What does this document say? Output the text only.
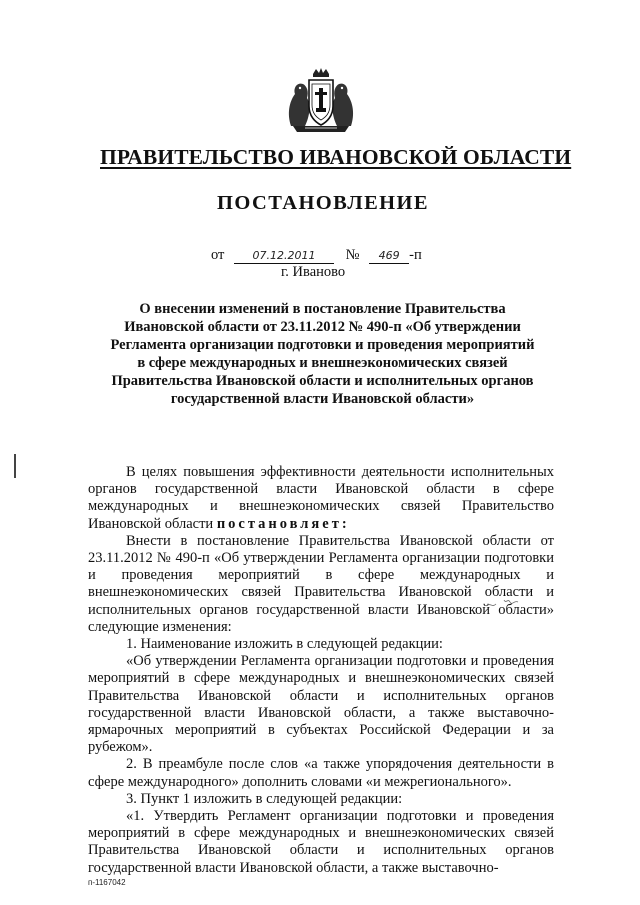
ПРАВИТЕЛЬСТВО ИВАНОВСКОЙ ОБЛАСТИ
ПОСТАНОВЛЕНИЕ
от	07.12.2011 № 469 -п
г. Иваново
О внесении изменений в постановление Правительства
Ивановской области от 23.11.2012 № 490-п «Об утверждении
Регламента организации подготовки и проведения мероприятий
в сфере международных и внешнеэкономических связей
Правительства Ивановской области и исполнительных органов
государственной власти Ивановской области»

В целях повышения эффективности деятельности исполнительных органов государственной власти Ивановской области в сфере международных и внешнеэкономических связей Правительство Ивановской области постановляет:

Внести в постановление Правительства Ивановской области от 23.11.2012 № 490-п «Об утверждении Регламента организации подготовки и проведения мероприятий в сфере международных и внешнеэкономических связей Правительства Ивановской области и исполнительных органов государственной власти Ивановской области» следующие изменения:

1. Наименование изложить в следующей редакции:

«Об утверждении Регламента организации подготовки и проведения мероприятий в сфере международных и внешнеэкономических связей Правительства Ивановской области и исполнительных органов государственной власти Ивановской области, а также выставочно-ярмарочных мероприятий в субъектах Российской Федерации и за рубежом».

2. В преамбуле после слов «а также упорядочения деятельности в сфере международного» дополнить словами «и межрегионального».

3. Пункт 1 изложить в следующей редакции:

«1. Утвердить Регламент организации подготовки и проведения мероприятий в сфере международных и внешнеэкономических связей Правительства Ивановской области и исполнительных органов государственной власти Ивановской области, а также выставочно-

п-1167042
